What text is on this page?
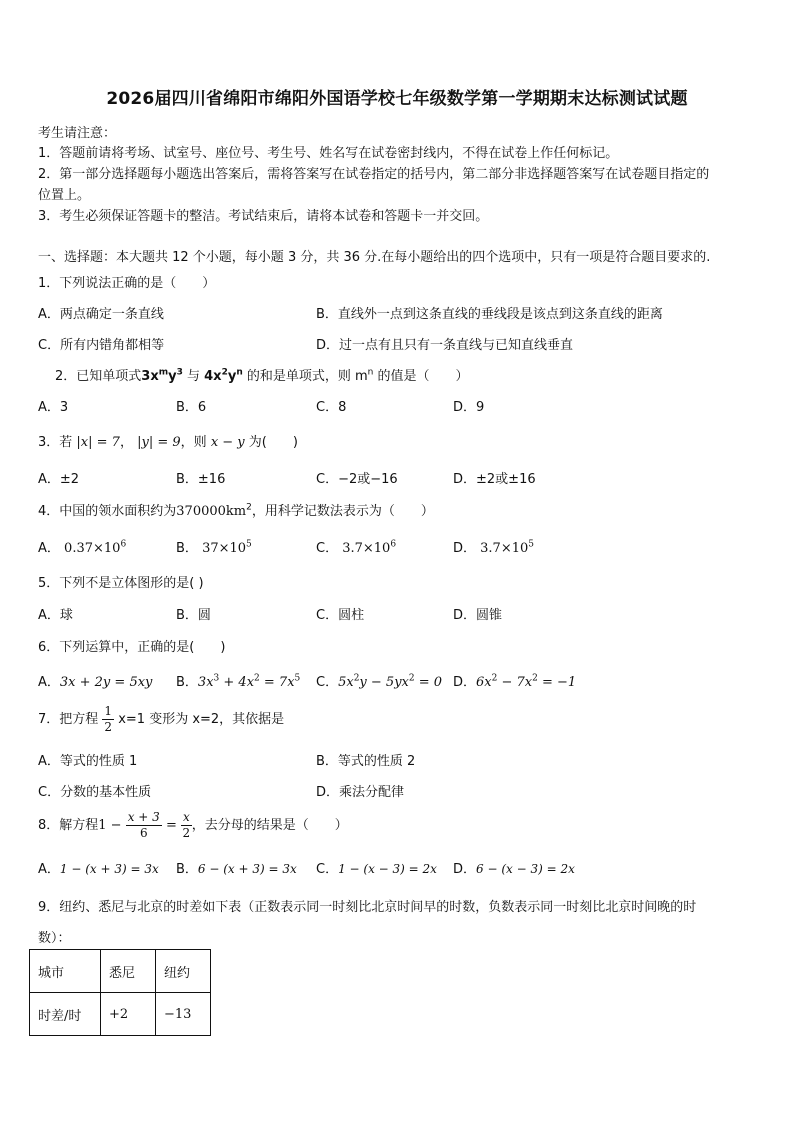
2026届四川省绵阳市绵阳外国语学校七年级数学第一学期期末达标测试试题
考生请注意：
1．答题前请将考场、试室号、座位号、考生号、姓名写在试卷密封线内，不得在试卷上作任何标记。
2．第一部分选择题每小题选出答案后，需将答案写在试卷指定的括号内，第二部分非选择题答案写在试卷题目指定的
位置上。
3．考生必须保证答题卡的整洁。考试结束后，请将本试卷和答题卡一并交回。
一、选择题：本大题共 12 个小题，每小题 3 分，共 36 分.在每小题给出的四个选项中，只有一项是符合题目要求的.
1．下列说法正确的是（　　）
A．两点确定一条直线	B．直线外一点到这条直线的垂线段是该点到这条直线的距离
C．所有内错角都相等	D．过一点有且只有一条直线与已知直线垂直
2．已知单项式$3x^my^3$ 与 $4x^2y^n$ 的和是单项式，则 $m^n$ 的值是（　　）
A．3	B．6	C．8	D．9
3．若 |x| = 7， |y| = 9，则 x − y 为(　　)
A．±2	B．±16	C．−2或−16	D．±2或±16
4．中国的领水面积约为$370000km^2$，用科学记数法表示为（　　）
A． $0.37\times 10^6$	B． $37\times 10^5$	C． $3.7\times 10^6$	D． $3.7\times 10^5$
5．下列不是立体图形的是( )
A．球	B．圆	C．圆柱	D．圆锥
6．下列运算中，正确的是(　　)
A．3x + 2y = 5xy B．$3x^3 + 4x^2 = 7x^5$ C．$5x^2y - 5yx^2 = 0$ D．$6x^2 - 7x^2 = -1$
7．把方程 $\frac{1}{2} x=1$ 变形为 x=2，其依据是
A．等式的性质 1	B．等式的性质 2
C．分数的基本性质	D．乘法分配律
8．解方程$1 - \frac{x + 3}{6} = \frac{x}{2}$ ，去分母的结果是（　　）
A．1 − (x + 3) = 3x B．6 − (x + 3) = 3x C．1 − (x − 3) = 2x D．6 − (x − 3) = 2x
9．纽约、悉尼与北京的时差如下表（正数表示同一时刻比北京时间早的时数，负数表示同一时刻比北京时间晚的时
数）：
城市	悉尼	纽约
时差/时	+2	−13
